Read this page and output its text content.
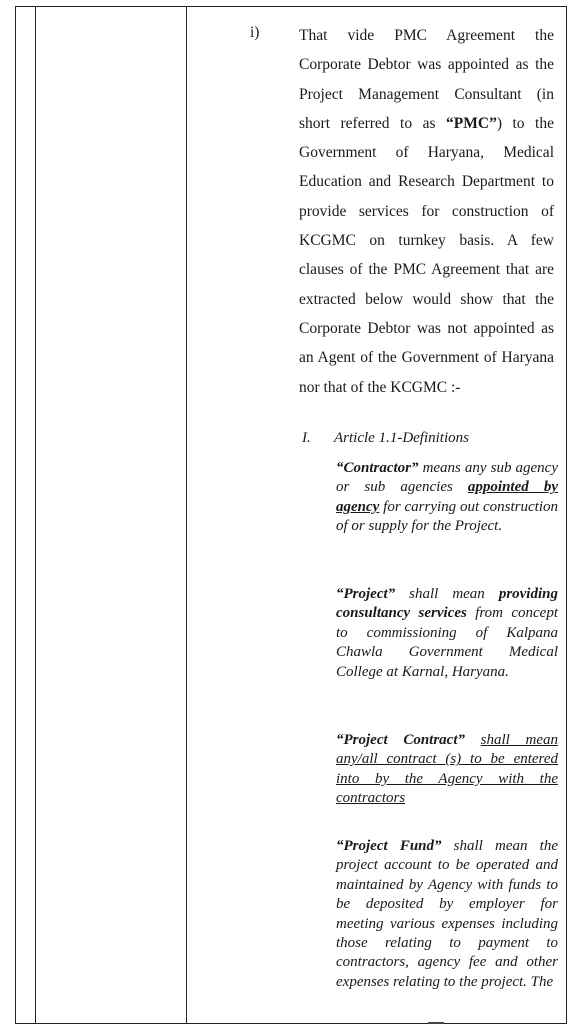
i)	That vide PMC Agreement the Corporate Debtor was appointed as the Project Management Consultant (in short referred to as “PMC”) to the Government of Haryana, Medical Education and Research Department to provide services for construction of KCGMC on turnkey basis. A few clauses of the PMC Agreement that are extracted below would show that the Corporate Debtor was not appointed as an Agent of the Government of Haryana nor that of the KCGMC :-
I. Article 1.1-Definitions
“Contractor” means any sub agency or sub agencies appointed by agency for carrying out construction of or supply for the Project.
“Project” shall mean providing consultancy services from concept to commissioning of Kalpana Chawla Government Medical College at Karnal, Haryana.
“Project Contract” shall mean any/all contract (s) to be entered into by the Agency with the contractors
“Project Fund” shall mean the project account to be operated and maintained by Agency with funds to be deposited by employer for meeting various expenses including those relating to payment to contractors, agency fee and other expenses relating to the project. The
